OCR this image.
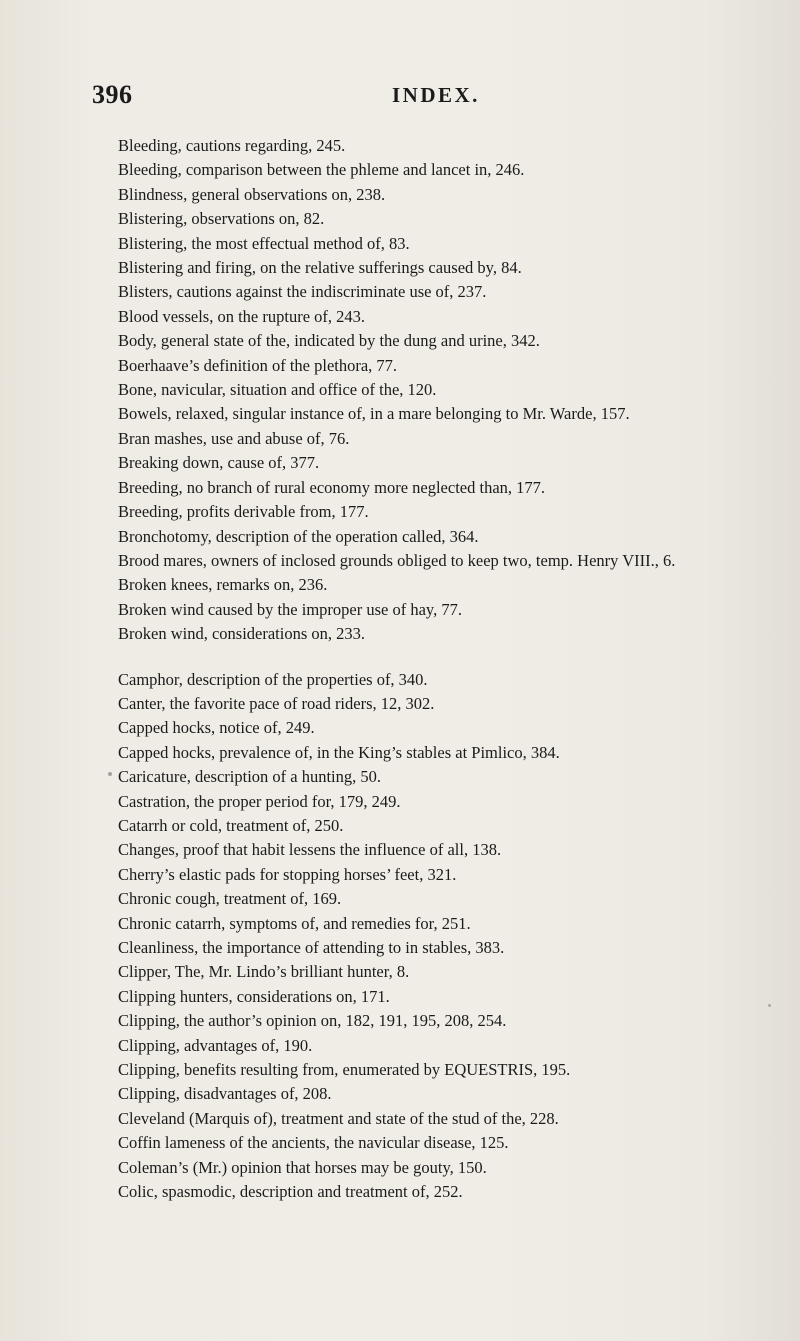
396	INDEX.
Bleeding, cautions regarding, 245.
Bleeding, comparison between the phleme and lancet in, 246.
Blindness, general observations on, 238.
Blistering, observations on, 82.
Blistering, the most effectual method of, 83.
Blistering and firing, on the relative sufferings caused by, 84.
Blisters, cautions against the indiscriminate use of, 237.
Blood vessels, on the rupture of, 243.
Body, general state of the, indicated by the dung and urine, 342.
Boerhaave’s definition of the plethora, 77.
Bone, navicular, situation and office of the, 120.
Bowels, relaxed, singular instance of, in a mare belonging to Mr. Warde, 157.
Bran mashes, use and abuse of, 76.
Breaking down, cause of, 377.
Breeding, no branch of rural economy more neglected than, 177.
Breeding, profits derivable from, 177.
Bronchotomy, description of the operation called, 364.
Brood mares, owners of inclosed grounds obliged to keep two, temp. Henry VIII., 6.
Broken knees, remarks on, 236.
Broken wind caused by the improper use of hay, 77.
Broken wind, considerations on, 233.
Camphor, description of the properties of, 340.
Canter, the favorite pace of road riders, 12, 302.
Capped hocks, notice of, 249.
Capped hocks, prevalence of, in the King’s stables at Pimlico, 384.
Caricature, description of a hunting, 50.
Castration, the proper period for, 179, 249.
Catarrh or cold, treatment of, 250.
Changes, proof that habit lessens the influence of all, 138.
Cherry’s elastic pads for stopping horses’ feet, 321.
Chronic cough, treatment of, 169.
Chronic catarrh, symptoms of, and remedies for, 251.
Cleanliness, the importance of attending to in stables, 383.
Clipper, The, Mr. Lindo’s brilliant hunter, 8.
Clipping hunters, considerations on, 171.
Clipping, the author’s opinion on, 182, 191, 195, 208, 254.
Clipping, advantages of, 190.
Clipping, benefits resulting from, enumerated by EQUESTRIS, 195.
Clipping, disadvantages of, 208.
Cleveland (Marquis of), treatment and state of the stud of the, 228.
Coffin lameness of the ancients, the navicular disease, 125.
Coleman’s (Mr.) opinion that horses may be gouty, 150.
Colic, spasmodic, description and treatment of, 252.
